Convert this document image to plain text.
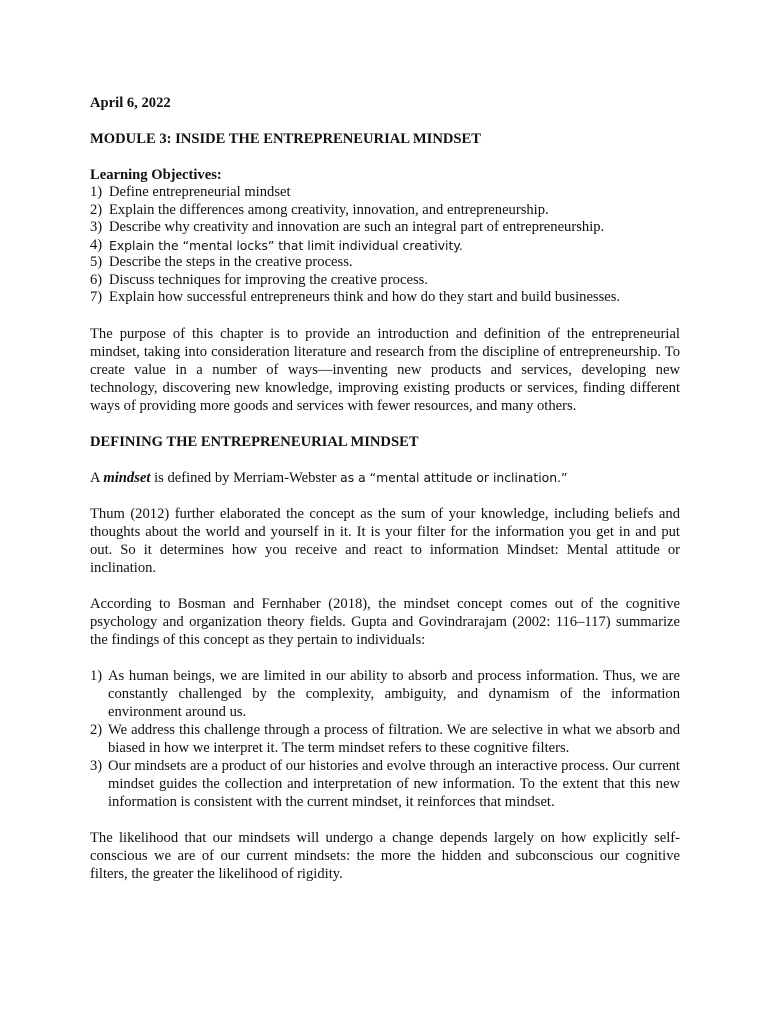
April 6, 2022

MODULE 3: INSIDE THE ENTREPRENEURIAL MINDSET

Learning Objectives:

1) Define entrepreneurial mindset
2) Explain the differences among creativity, innovation, and entrepreneurship.
3) Describe why creativity and innovation are such an integral part of entrepreneurship.
4) Explain the “mental locks” that limit individual creativity.
5) Describe the steps in the creative process.
6) Discuss techniques for improving the creative process.
7) Explain how successful entrepreneurs think and how do they start and build businesses.

The purpose of this chapter is to provide an introduction and definition of the entrepreneurial mindset, taking into consideration literature and research from the discipline of entrepreneurship. To create value in a number of ways—inventing new products and services, developing new technology, discovering new knowledge, improving existing products or services, finding different ways of providing more goods and services with fewer resources, and many others.

DEFINING THE ENTREPRENEURIAL MINDSET

A mindset is defined by Merriam-Webster as a “mental attitude or inclination.”

Thum (2012) further elaborated the concept as the sum of your knowledge, including beliefs and thoughts about the world and yourself in it. It is your filter for the information you get in and put out. So it determines how you receive and react to information Mindset: Mental attitude or inclination.

According to Bosman and Fernhaber (2018), the mindset concept comes out of the cognitive psychology and organization theory fields. Gupta and Govindrarajam (2002: 116–117) summarize the findings of this concept as they pertain to individuals:

1) As human beings, we are limited in our ability to absorb and process information. Thus, we are constantly challenged by the complexity, ambiguity, and dynamism of the information environment around us.
2) We address this challenge through a process of filtration. We are selective in what we absorb and biased in how we interpret it. The term mindset refers to these cognitive filters.
3) Our mindsets are a product of our histories and evolve through an interactive process. Our current mindset guides the collection and interpretation of new information. To the extent that this new information is consistent with the current mindset, it reinforces that mindset.

The likelihood that our mindsets will undergo a change depends largely on how explicitly self-conscious we are of our current mindsets: the more the hidden and subconscious our cognitive filters, the greater the likelihood of rigidity.
